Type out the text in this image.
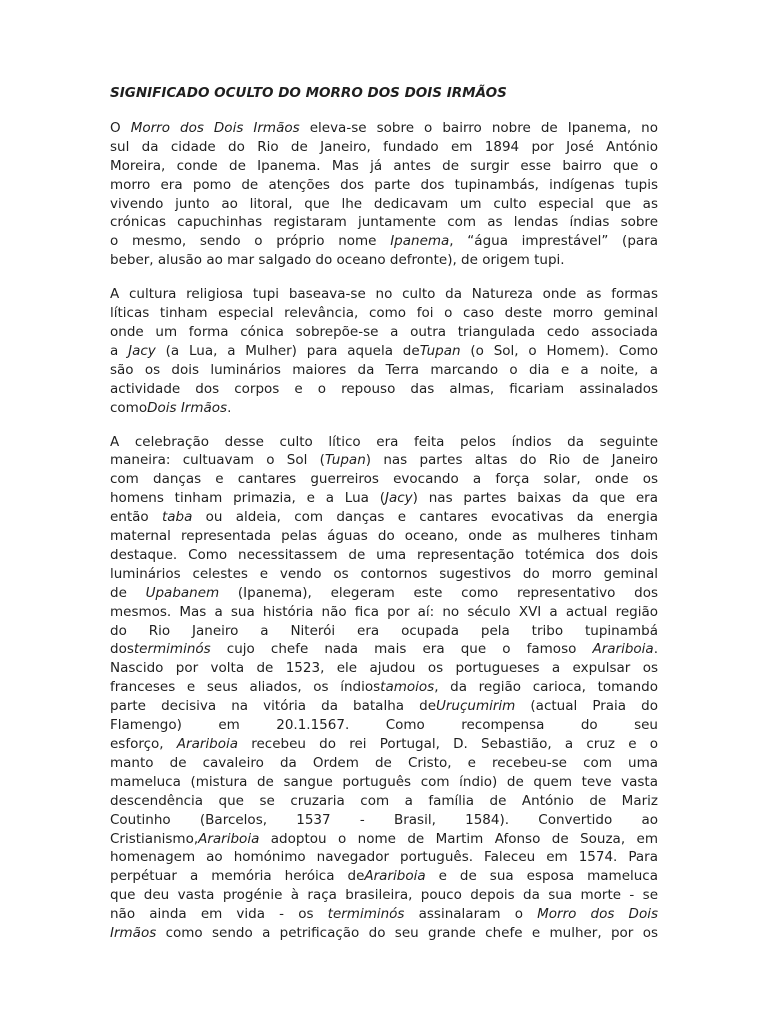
SIGNIFICADO OCULTO DO MORRO DOS DOIS IRMÃOS

O Morro dos Dois Irmãos eleva-se sobre o bairro nobre de Ipanema, no
sul da cidade do Rio de Janeiro, fundado em 1894 por José António
Moreira, conde de Ipanema. Mas já antes de surgir esse bairro que o
morro era pomo de atenções dos parte dos tupinambás, indígenas tupis
vivendo junto ao litoral, que lhe dedicavam um culto especial que as
crónicas capuchinhas registaram juntamente com as lendas índias sobre
o mesmo, sendo o próprio nome Ipanema, “água imprestável” (para
beber, alusão ao mar salgado do oceano defronte), de origem tupi.

A cultura religiosa tupi baseava-se no culto da Natureza onde as formas
líticas tinham especial relevância, como foi o caso deste morro geminal
onde um forma cónica sobrepõe-se a outra triangulada cedo associada
a Jacy (a Lua, a Mulher) para aquela deTupan (o Sol, o Homem). Como
são os dois luminários maiores da Terra marcando o dia e a noite, a
actividade dos corpos e o repouso das almas, ficariam assinalados
comoDois Irmãos.

A celebração desse culto lítico era feita pelos índios da seguinte
maneira: cultuavam o Sol (Tupan) nas partes altas do Rio de Janeiro
com danças e cantares guerreiros evocando a força solar, onde os
homens tinham primazia, e a Lua (Jacy) nas partes baixas da que era
então taba ou aldeia, com danças e cantares evocativas da energia
maternal representada pelas águas do oceano, onde as mulheres tinham
destaque. Como necessitassem de uma representação totémica dos dois
luminários celestes e vendo os contornos sugestivos do morro geminal
de Upabanem (Ipanema), elegeram este como representativo dos
mesmos. Mas a sua história não fica por aí: no século XVI a actual região
do Rio Janeiro a Niterói era ocupada pela tribo tupinambá
dostermiminós cujo chefe nada mais era que o famoso Arariboia.
Nascido por volta de 1523, ele ajudou os portugueses a expulsar os
franceses e seus aliados, os índiostamoios, da região carioca, tomando
parte decisiva na vitória da batalha deUruçumirim (actual Praia do
Flamengo) em 20.1.1567. Como recompensa do seu
esforço, Arariboia recebeu do rei Portugal, D. Sebastião, a cruz e o
manto de cavaleiro da Ordem de Cristo, e recebeu-se com uma
mameluca (mistura de sangue português com índio) de quem teve vasta
descendência que se cruzaria com a família de António de Mariz
Coutinho (Barcelos, 1537 - Brasil, 1584). Convertido ao
Cristianismo,Arariboia adoptou o nome de Martim Afonso de Souza, em
homenagem ao homónimo navegador português. Faleceu em 1574. Para
perpétuar a memória heróica deArariboia e de sua esposa mameluca
que deu vasta progénie à raça brasileira, pouco depois da sua morte - se
não ainda em vida - os termiminós assinalaram o Morro dos Dois
Irmãos como sendo a petrificação do seu grande chefe e mulher, por os
